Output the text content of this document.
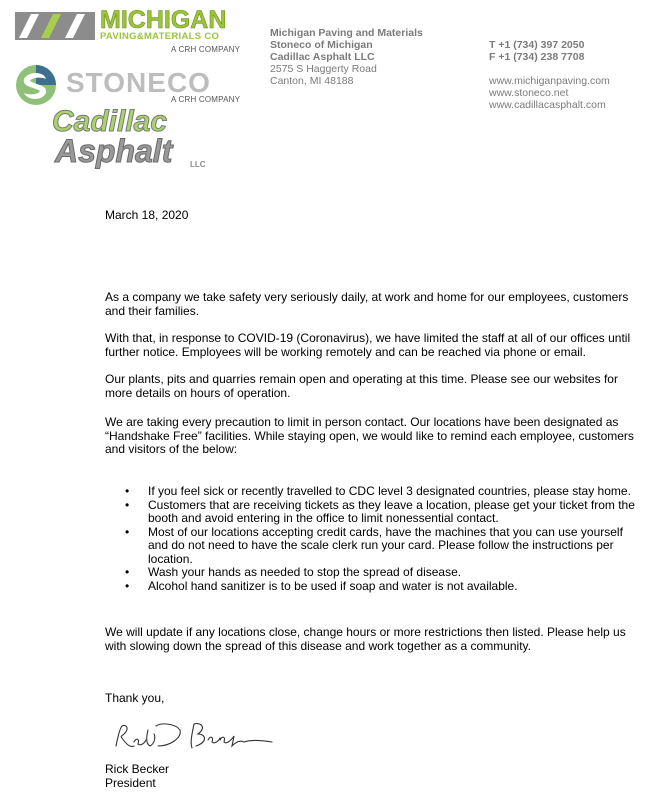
MICHIGAN
PAVING&MATERIALS CO
A CRH COMPANY
STONECO
A CRH COMPANY
Cadillac
Asphalt LLC
Michigan Paving and Materials
Stoneco of Michigan
Cadillac Asphalt LLC
2575 S Haggerty Road
Canton, MI 48188
T +1 (734) 397 2050
F +1 (734) 238 7708
www.michiganpaving.com
www.stoneco.net
www.cadillacasphalt.com

March 18, 2020

As a company we take safety very seriously daily, at work and home for our employees, customers and their families.

With that, in response to COVID-19 (Coronavirus), we have limited the staff at all of our offices until further notice. Employees will be working remotely and can be reached via phone or email.

Our plants, pits and quarries remain open and operating at this time. Please see our websites for more details on hours of operation.

We are taking every precaution to limit in person contact. Our locations have been designated as “Handshake Free” facilities. While staying open, we would like to remind each employee, customers and visitors of the below:

• If you feel sick or recently travelled to CDC level 3 designated countries, please stay home.
• Customers that are receiving tickets as they leave a location, please get your ticket from the booth and avoid entering in the office to limit nonessential contact.
• Most of our locations accepting credit cards, have the machines that you can use yourself and do not need to have the scale clerk run your card. Please follow the instructions per location.
• Wash your hands as needed to stop the spread of disease.
• Alcohol hand sanitizer is to be used if soap and water is not available.

We will update if any locations close, change hours or more restrictions then listed. Please help us with slowing down the spread of this disease and work together as a community.

Thank you,

Rick Becker

President
